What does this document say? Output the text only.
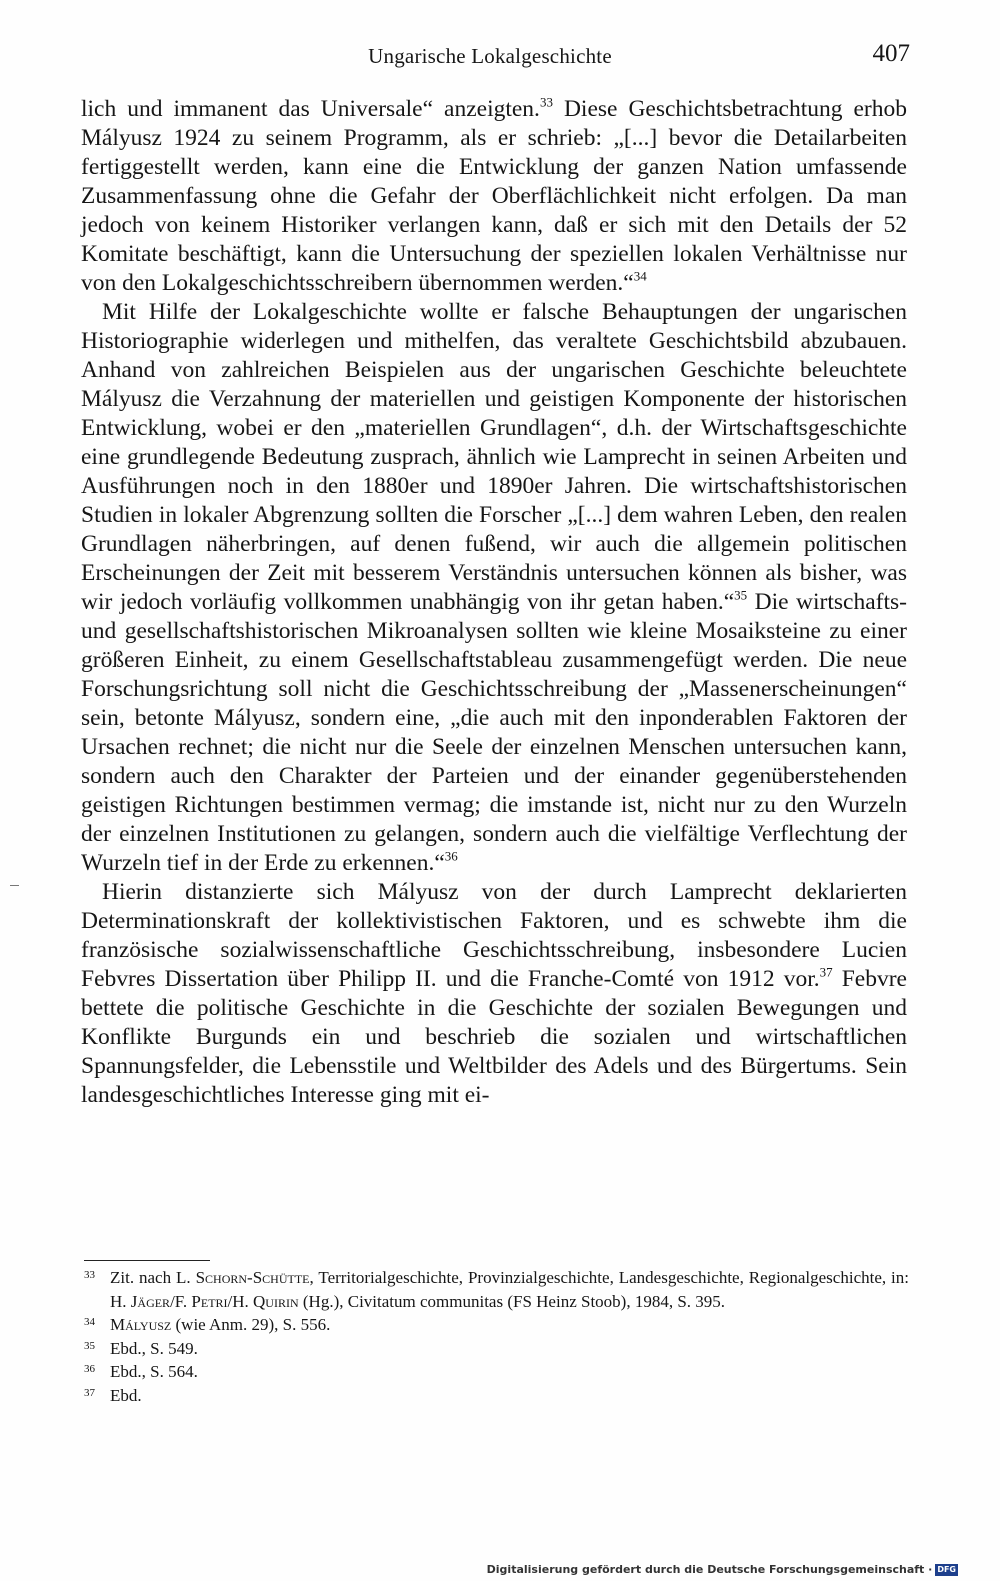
Ungarische Lokalgeschichte	407

lich und immanent das Universale“ anzeigten.$^{33}$ Diese Geschichtsbetrachtung erhob Mályusz 1924 zu seinem Programm, als er schrieb: „[...] bevor die Detailarbeiten fertiggestellt werden, kann eine die Entwicklung der ganzen Nation umfassende Zusammenfassung ohne die Gefahr der Oberflächlichkeit nicht erfolgen. Da man jedoch von keinem Historiker verlangen kann, daß er sich mit den Details der 52 Komitate beschäftigt, kann die Untersuchung der speziellen lokalen Verhältnisse nur von den Lokalgeschichtsschreibern übernommen werden.“$^{34}$

Mit Hilfe der Lokalgeschichte wollte er falsche Behauptungen der ungarischen Historiographie widerlegen und mithelfen, das veraltete Geschichtsbild abzubauen. Anhand von zahlreichen Beispielen aus der ungarischen Geschichte beleuchtete Mályusz die Verzahnung der materiellen und geistigen Komponente der historischen Entwicklung, wobei er den „materiellen Grundlagen“, d.h. der Wirtschaftsgeschichte eine grundlegende Bedeutung zusprach, ähnlich wie Lamprecht in seinen Arbeiten und Ausführungen noch in den 1880er und 1890er Jahren. Die wirtschaftshistorischen Studien in lokaler Abgrenzung sollten die Forscher „[...] dem wahren Leben, den realen Grundlagen näherbringen, auf denen fußend, wir auch die allgemein politischen Erscheinungen der Zeit mit besserem Verständnis untersuchen können als bisher, was wir jedoch vorläufig vollkommen unabhängig von ihr getan haben.“$^{35}$ Die wirtschafts- und gesellschaftshistorischen Mikroanalysen sollten wie kleine Mosaiksteine zu einer größeren Einheit, zu einem Gesellschaftstableau zusammengefügt werden. Die neue Forschungsrichtung soll nicht die Geschichtsschreibung der „Massenerscheinungen“ sein, betonte Mályusz, sondern eine, „die auch mit den inponderablen Faktoren der Ursachen rechnet; die nicht nur die Seele der einzelnen Menschen untersuchen kann, sondern auch den Charakter der Parteien und der einander gegenüberstehenden geistigen Richtungen bestimmen vermag; die imstande ist, nicht nur zu den Wurzeln der einzelnen Institutionen zu gelangen, sondern auch die vielfältige Verflechtung der Wurzeln tief in der Erde zu erkennen.“$^{36}$

Hierin distanzierte sich Mályusz von der durch Lamprecht deklarierten Determinationskraft der kollektivistischen Faktoren, und es schwebte ihm die französische sozialwissenschaftliche Geschichtsschreibung, insbesondere Lucien Febvres Dissertation über Philipp II. und die Franche-Comté von 1912 vor.$^{37}$ Febvre bettete die politische Geschichte in die Geschichte der sozialen Bewegungen und Konflikte Burgunds ein und beschrieb die sozialen und wirtschaftlichen Spannungsfelder, die Lebensstile und Weltbilder des Adels und des Bürgertums. Sein landesgeschichtliches Interesse ging mit ei-

33 Zit. nach L. Schorn-Schütte, Territorialgeschichte, Provinzialgeschichte, Landesgeschichte, Regionalgeschichte, in: H. Jäger/F. Petri/H. Quirin (Hg.), Civitatum communitas (FS Heinz Stoob), 1984, S. 395.
34 Mályusz (wie Anm. 29), S. 556.
35 Ebd., S. 549.
36 Ebd., S. 564.
37 Ebd.
Digitalisierung gefördert durch die Deutsche Forschungsgemeinschaft · DFG
